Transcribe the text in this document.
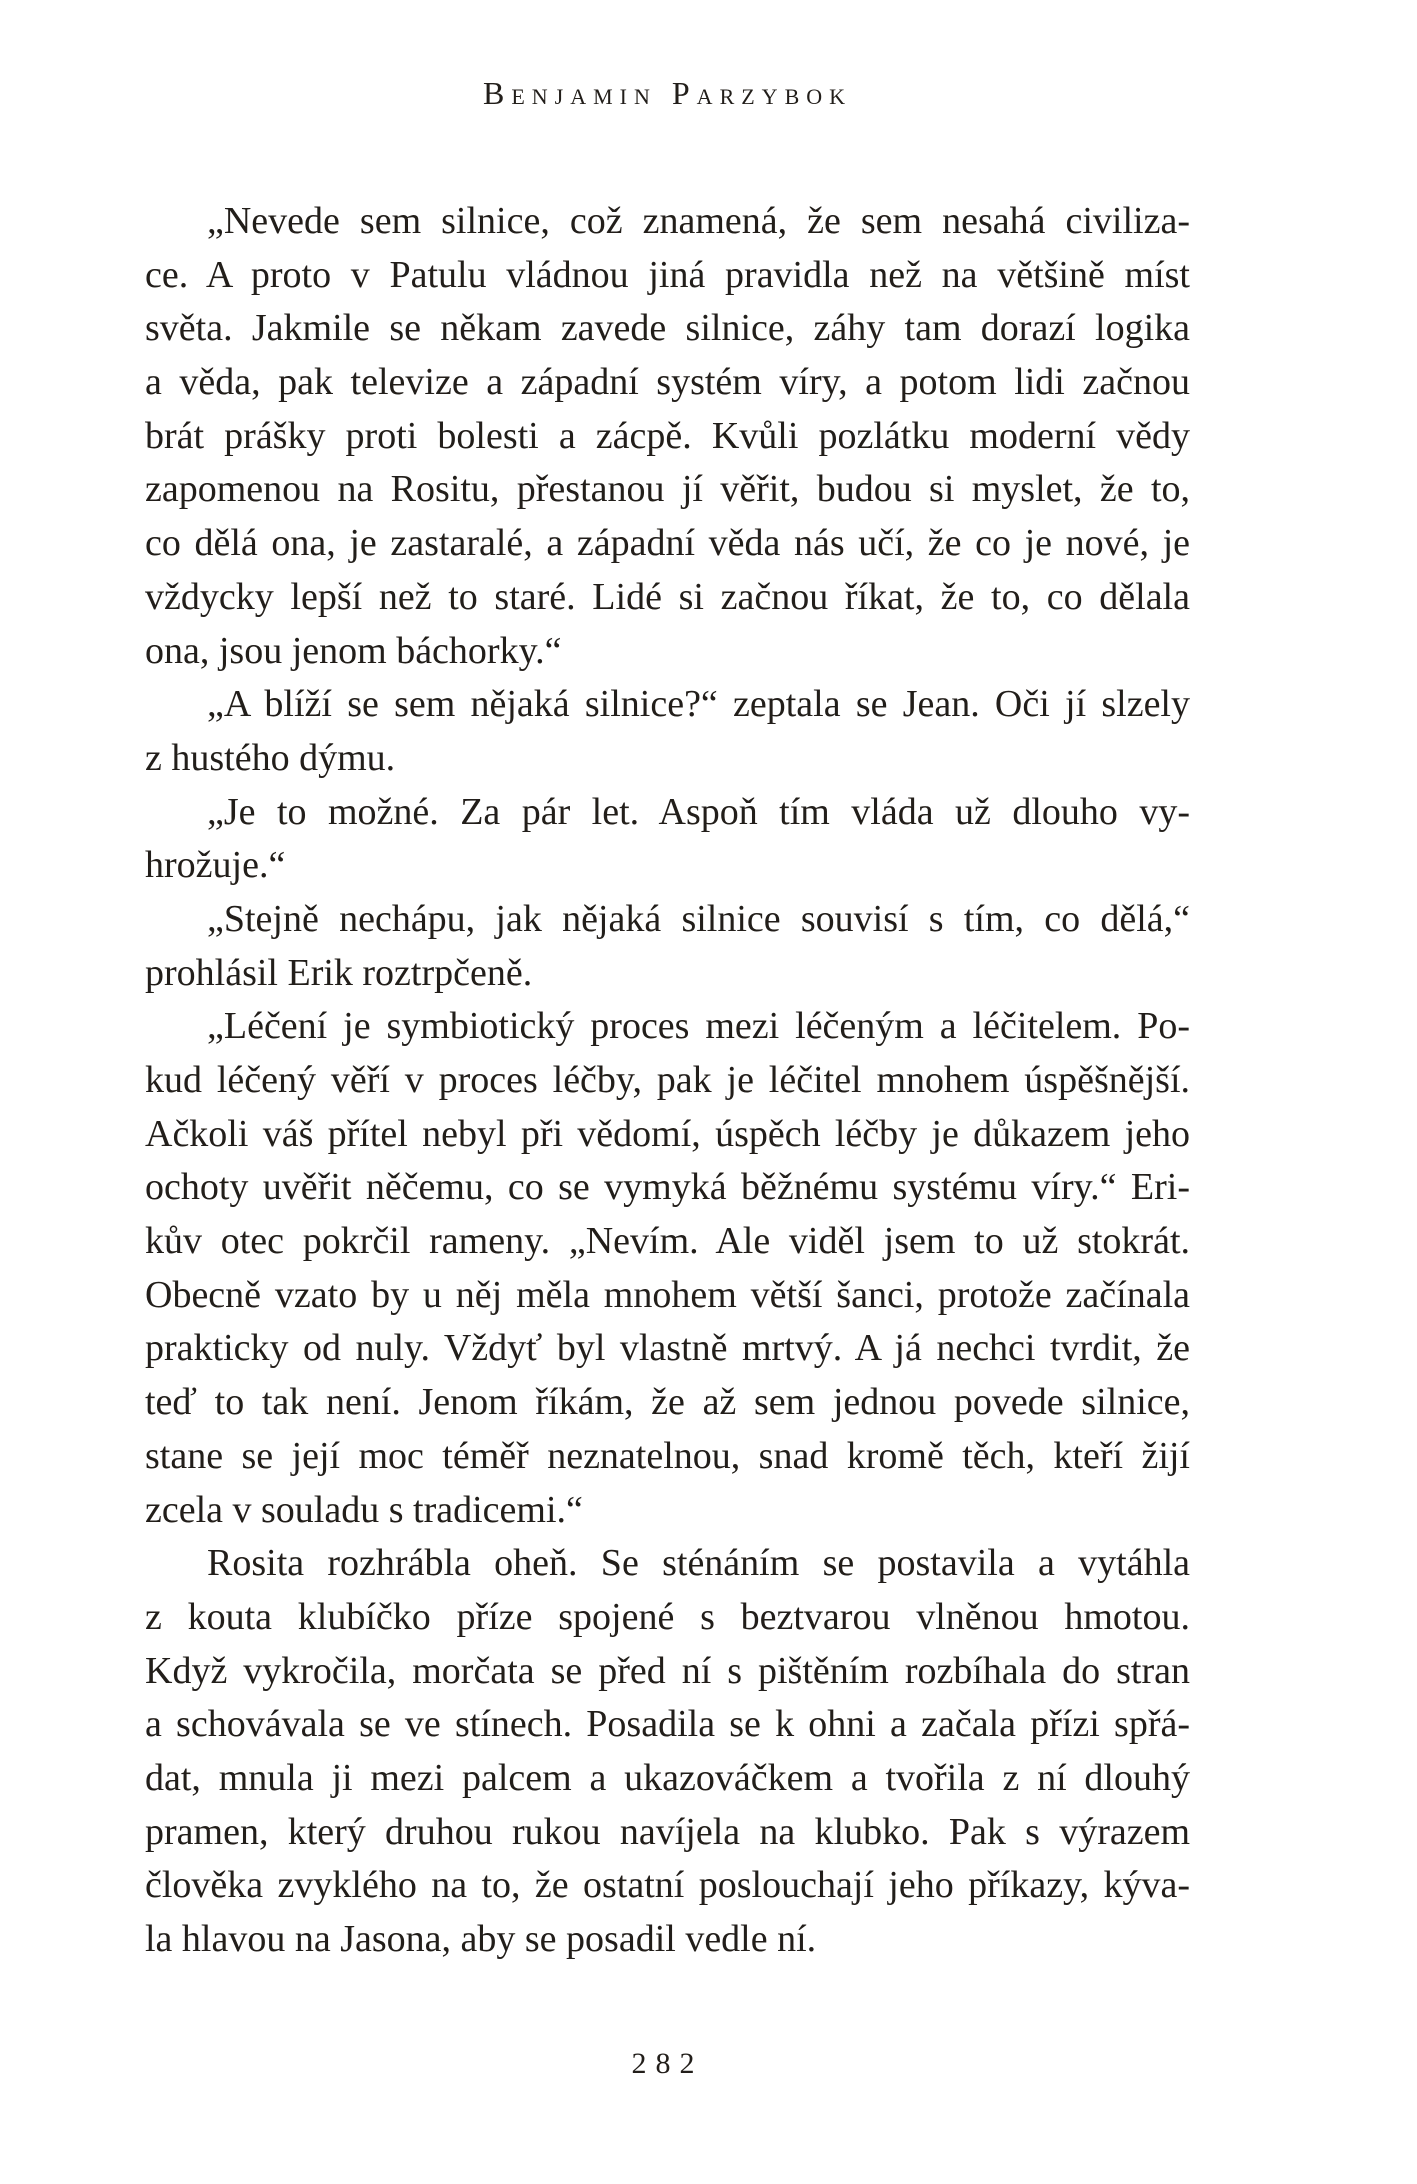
Benjamin Parzybok
„Nevede sem silnice, což znamená, že sem nesahá civiliza-
ce. A proto v Patulu vládnou jiná pravidla než na většině míst
světa. Jakmile se někam zavede silnice, záhy tam dorazí logika
a věda, pak televize a západní systém víry, a potom lidi začnou
brát prášky proti bolesti a zácpě. Kvůli pozlátku moderní vědy
zapomenou na Rositu, přestanou jí věřit, budou si myslet, že to,
co dělá ona, je zastaralé, a západní věda nás učí, že co je nové, je
vždycky lepší než to staré. Lidé si začnou říkat, že to, co dělala
ona, jsou jenom báchorky.“
„A blíží se sem nějaká silnice?“ zeptala se Jean. Oči jí slzely
z hustého dýmu.
„Je to možné. Za pár let. Aspoň tím vláda už dlouho vy-
hrožuje.“
„Stejně nechápu, jak nějaká silnice souvisí s tím, co dělá,“
prohlásil Erik roztrpčeně.
„Léčení je symbiotický proces mezi léčeným a léčitelem. Po-
kud léčený věří v proces léčby, pak je léčitel mnohem úspěšnější.
Ačkoli váš přítel nebyl při vědomí, úspěch léčby je důkazem jeho
ochoty uvěřit něčemu, co se vymyká běžnému systému víry.“ Eri-
kův otec pokrčil rameny. „Nevím. Ale viděl jsem to už stokrát.
Obecně vzato by u něj měla mnohem větší šanci, protože začínala
prakticky od nuly. Vždyť byl vlastně mrtvý. A já nechci tvrdit, že
teď to tak není. Jenom říkám, že až sem jednou povede silnice,
stane se její moc téměř neznatelnou, snad kromě těch, kteří žijí
zcela v souladu s tradicemi.“
Rosita rozhrábla oheň. Se sténáním se postavila a vytáhla
z kouta klubíčko příze spojené s beztvarou vlněnou hmotou.
Když vykročila, morčata se před ní s pištěním rozbíhala do stran
a schovávala se ve stínech. Posadila se k ohni a začala přízi spřá-
dat, mnula ji mezi palcem a ukazováčkem a tvořila z ní dlouhý
pramen, který druhou rukou navíjela na klubko. Pak s výrazem
člověka zvyklého na to, že ostatní poslouchají jeho příkazy, kýva-
la hlavou na Jasona, aby se posadil vedle ní.
282
